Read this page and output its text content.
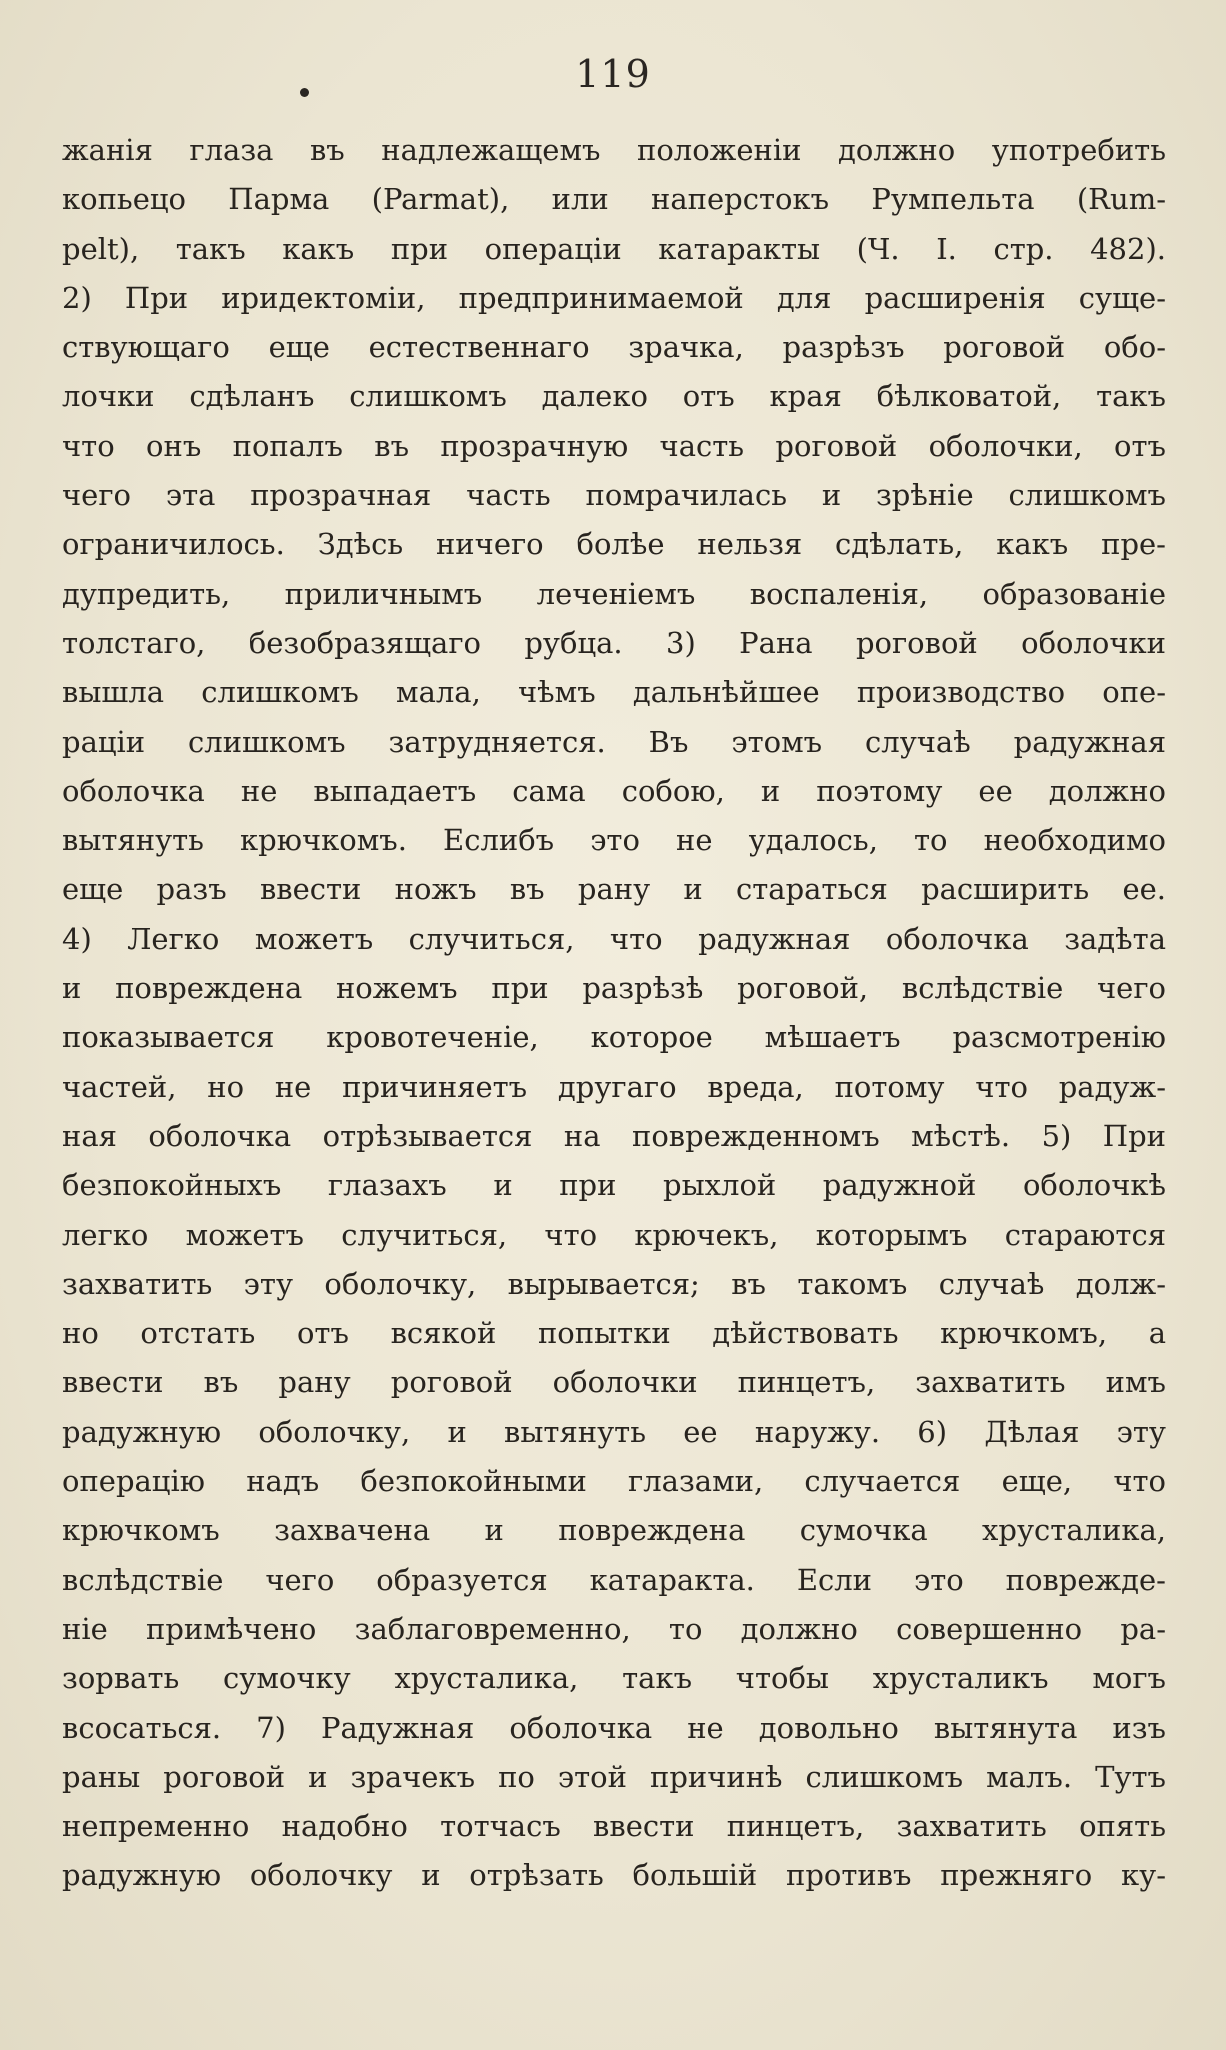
119
жанія глаза въ надлежащемъ положеніи должно употребить
копьецо Парма (Parmat), или наперстокъ Румпельта (Rum-
pelt), такъ какъ при операціи катаракты (Ч. I. стр. 482).
2) При иридектоміи, предпринимаемой для расширенія суще-
ствующаго еще естественнаго зрачка, разрѣзъ роговой обо-
лочки сдѣланъ слишкомъ далеко отъ края бѣлковатой, такъ
что онъ попалъ въ прозрачную часть роговой оболочки, отъ
чего эта прозрачная часть помрачилась и зрѣніе слишкомъ
ограничилось. Здѣсь ничего болѣе нельзя сдѣлать, какъ пре-
дупредить, приличнымъ леченіемъ воспаленія, образованіе
толстаго, безобразящаго рубца. 3) Рана роговой оболочки
вышла слишкомъ мала, чѣмъ дальнѣйшее производство опе-
раціи слишкомъ затрудняется. Въ этомъ случаѣ радужная
оболочка не выпадаетъ сама собою, и поэтому ее должно
вытянуть крючкомъ. Еслибъ это не удалось, то необходимо
еще разъ ввести ножъ въ рану и стараться расширить ее.
4) Легко можетъ случиться, что радужная оболочка задѣта
и повреждена ножемъ при разрѣзѣ роговой, вслѣдствіе чего
показывается кровотеченіе, которое мѣшаетъ разсмотренію
частей, но не причиняетъ другаго вреда, потому что радуж-
ная оболочка отрѣзывается на поврежденномъ мѣстѣ. 5) При
безпокойныхъ глазахъ и при рыхлой радужной оболочкѣ
легко можетъ случиться, что крючекъ, которымъ стараются
захватить эту оболочку, вырывается; въ такомъ случаѣ долж-
но отстать отъ всякой попытки дѣйствовать крючкомъ, а
ввести въ рану роговой оболочки пинцетъ, захватить имъ
радужную оболочку, и вытянуть ее наружу. 6) Дѣлая эту
операцію надъ безпокойными глазами, случается еще, что
крючкомъ захвачена и повреждена сумочка хрусталика,
вслѣдствіе чего образуется катаракта. Если это поврежде-
ніе примѣчено заблаговременно, то должно совершенно ра-
зорвать сумочку хрусталика, такъ чтобы хрусталикъ могъ
всосаться. 7) Радужная оболочка не довольно вытянута изъ
раны роговой и зрачекъ по этой причинѣ слишкомъ малъ. Тутъ
непременно надобно тотчасъ ввести пинцетъ, захватить опять
радужную оболочку и отрѣзать большій противъ прежняго ку-
